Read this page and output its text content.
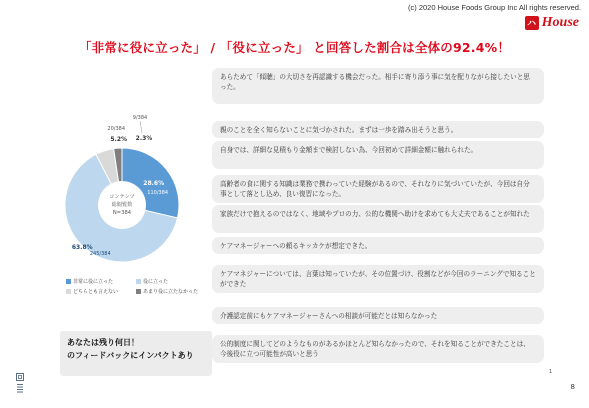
(c) 2020 House Foods Group Inc All rights reserved.
ハ House
「非常に役に立った」 / 「役に立った」 と回答した割合は全体の92.4%！
コンテンツ
総閲覧数
N=384
28.6%
110/384
63.8%
245/384
5.2%
20/384
2.3%
9/384
非常に役に立った	役に立った
どちらとも言えない	あまり役に立たなかった
あらためて「傾聴」の大切さを再認識する機会だった。相手に寄り添う事に気を配りながら接したいと思った。
親のことを全く知らないことに気づかされた。まずは一歩を踏み出そうと思う。
自身では、詳細な見積もり金額まで検討しない為、今回初めて詳細金額に触れられた。
高齢者の食に関する知識は業務で携わっていた経験があるので、それなりに気づいていたが、今回は自分事として落とし込め、良い復習になった。
家族だけで抱えるのではなく、地域やプロの力、公的な機関へ助けを求めても大丈夫であることが知れた
ケアマネージャーへの頼るキッカケが想定できた。
ケアマネジャーについては、言葉は知っていたが、その位置づけ、役割などが今回のラーニングで知ることができた
介護認定前にもケアマネージャーさんへの相談が可能だとは知らなかった
公的制度に関してどのようなものがあるかほとんど知らなかったので、それを知ることができたことは、今後役に立つ可能性が高いと思う
あなたは残り何日！
のフィードバックにインパクトあり
1
8
